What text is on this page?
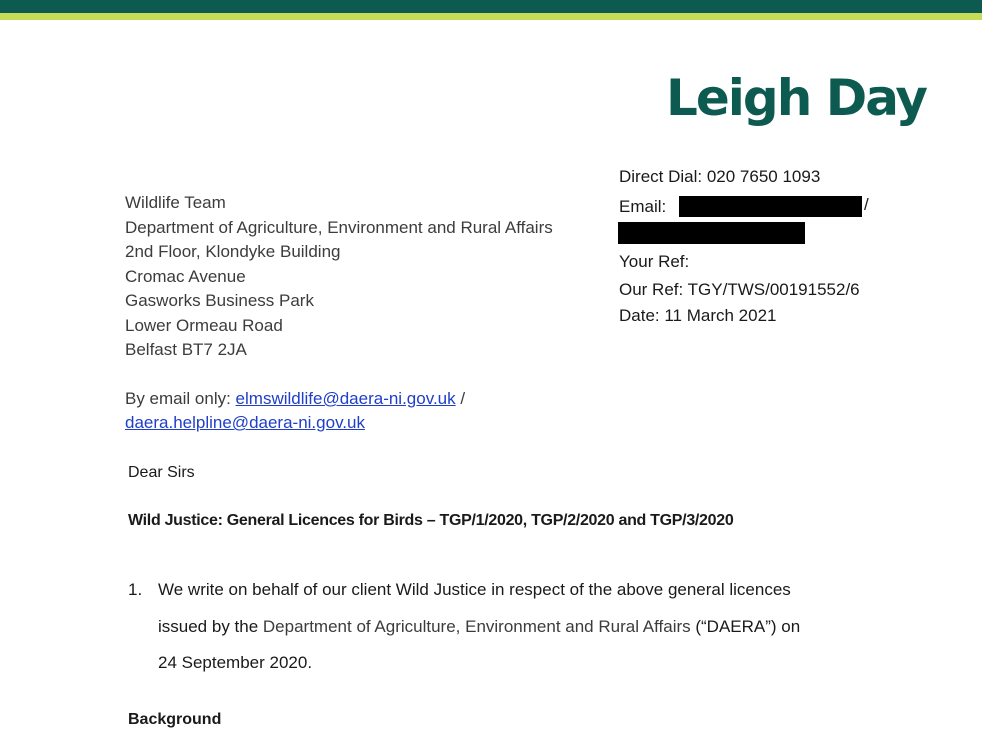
Leigh Day
Direct Dial: 020 7650 1093
Email:	/
Your Ref:
Our Ref: TGY/TWS/00191552/6
Date: 11 March 2021
Wildlife Team
Department of Agriculture, Environment and Rural Affairs
2nd Floor, Klondyke Building
Cromac Avenue
Gasworks Business Park
Lower Ormeau Road
Belfast BT7 2JA
By email only: elmswildlife@daera-ni.gov.uk /
daera.helpline@daera-ni.gov.uk
Dear Sirs
Wild Justice: General Licences for Birds – TGP/1/2020, TGP/2/2020 and TGP/3/2020
1. We write on behalf of our client Wild Justice in respect of the above general licences
issued by the Department of Agriculture, Environment and Rural Affairs (“DAERA”) on
24 September 2020.
Background
